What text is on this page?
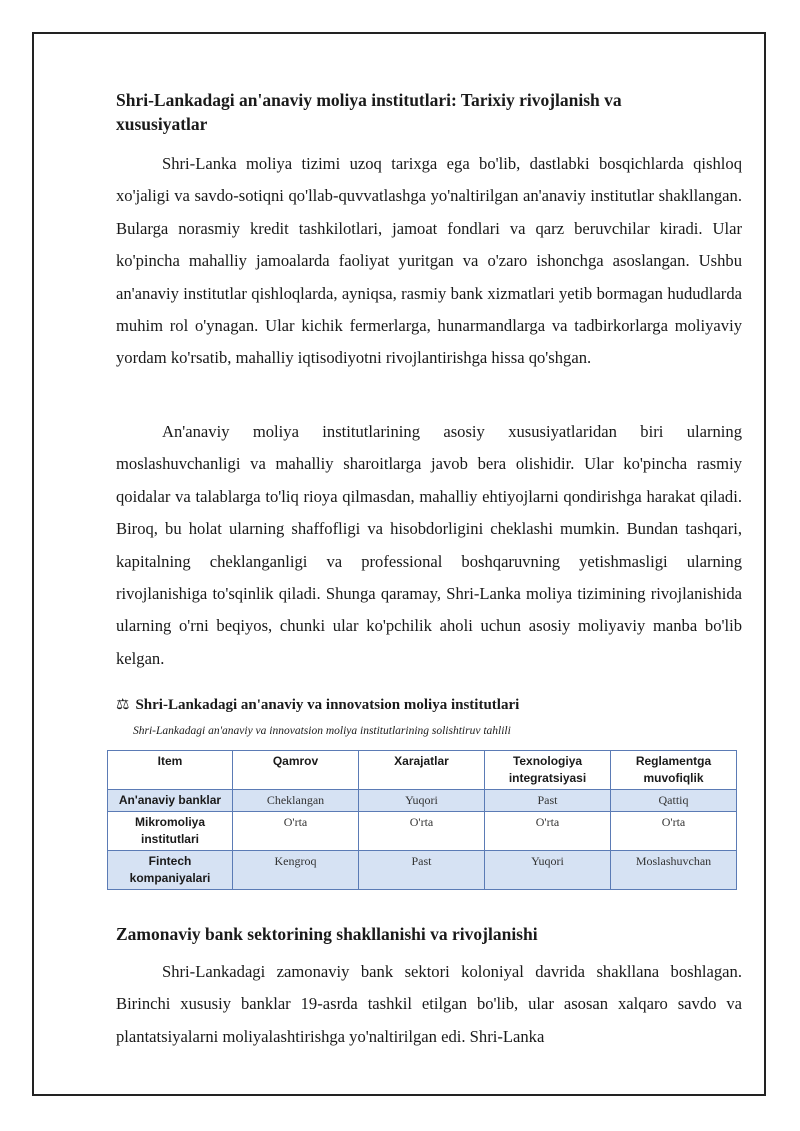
Shri-Lankadagi an'anaviy moliya institutlari: Tarixiy rivojlanish va xususiyatlar

Shri-Lanka moliya tizimi uzoq tarixga ega bo'lib, dastlabki bosqichlarda qishloq xo'jaligi va savdo-sotiqni qo'llab-quvvatlashga yo'naltirilgan an'anaviy institutlar shakllangan. Bularga norasmiy kredit tashkilotlari, jamoat fondlari va qarz beruvchilar kiradi. Ular ko'pincha mahalliy jamoalarda faoliyat yuritgan va o'zaro ishonchga asoslangan. Ushbu an'anaviy institutlar qishloqlarda, ayniqsa, rasmiy bank xizmatlari yetib bormagan hududlarda muhim rol o'ynagan. Ular kichik fermerlarga, hunarmandlarga va tadbirkorlarga moliyaviy yordam ko'rsatib, mahalliy iqtisodiyotni rivojlantirishga hissa qo'shgan.

An'anaviy moliya institutlarining asosiy xususiyatlaridan biri ularning moslashuvchanligi va mahalliy sharoitlarga javob bera olishidir. Ular ko'pincha rasmiy qoidalar va talablarga to'liq rioya qilmasdan, mahalliy ehtiyojlarni qondirishga harakat qiladi. Biroq, bu holat ularning shaffofligi va hisobdorligini cheklashi mumkin. Bundan tashqari, kapitalning cheklanganligi va professional boshqaruvning yetishmasligi ularning rivojlanishiga to'sqinlik qiladi. Shunga qaramay, Shri-Lanka moliya tizimining rivojlanishida ularning o'rni beqiyos, chunki ular ko'pchilik aholi uchun asosiy moliyaviy manba bo'lib kelgan.

⚖ Shri-Lankadagi an'anaviy va innovatsion moliya institutlari
Shri-Lankadagi an'anaviy va innovatsion moliya institutlarining solishtiruv tahlili
Item	Qamrov	Xarajatlar	Texnologiya integratsiyasi	Reglamentga muvofiqlik
An'anaviy banklar	Cheklangan	Yuqori	Past	Qattiq
Mikromoliya institutlari	O'rta	O'rta	O'rta	O'rta
Fintech kompaniyalari	Kengroq	Past	Yuqori	Moslashuvchan
Zamonaviy bank sektorining shakllanishi va rivojlanishi

Shri-Lankadagi zamonaviy bank sektori koloniyal davrida shakllana boshlagan. Birinchi xususiy banklar 19-asrda tashkil etilgan bo'lib, ular asosan xalqaro savdo va plantatsiyalarni moliyalashtirishga yo'naltirilgan edi. Shri-Lanka
